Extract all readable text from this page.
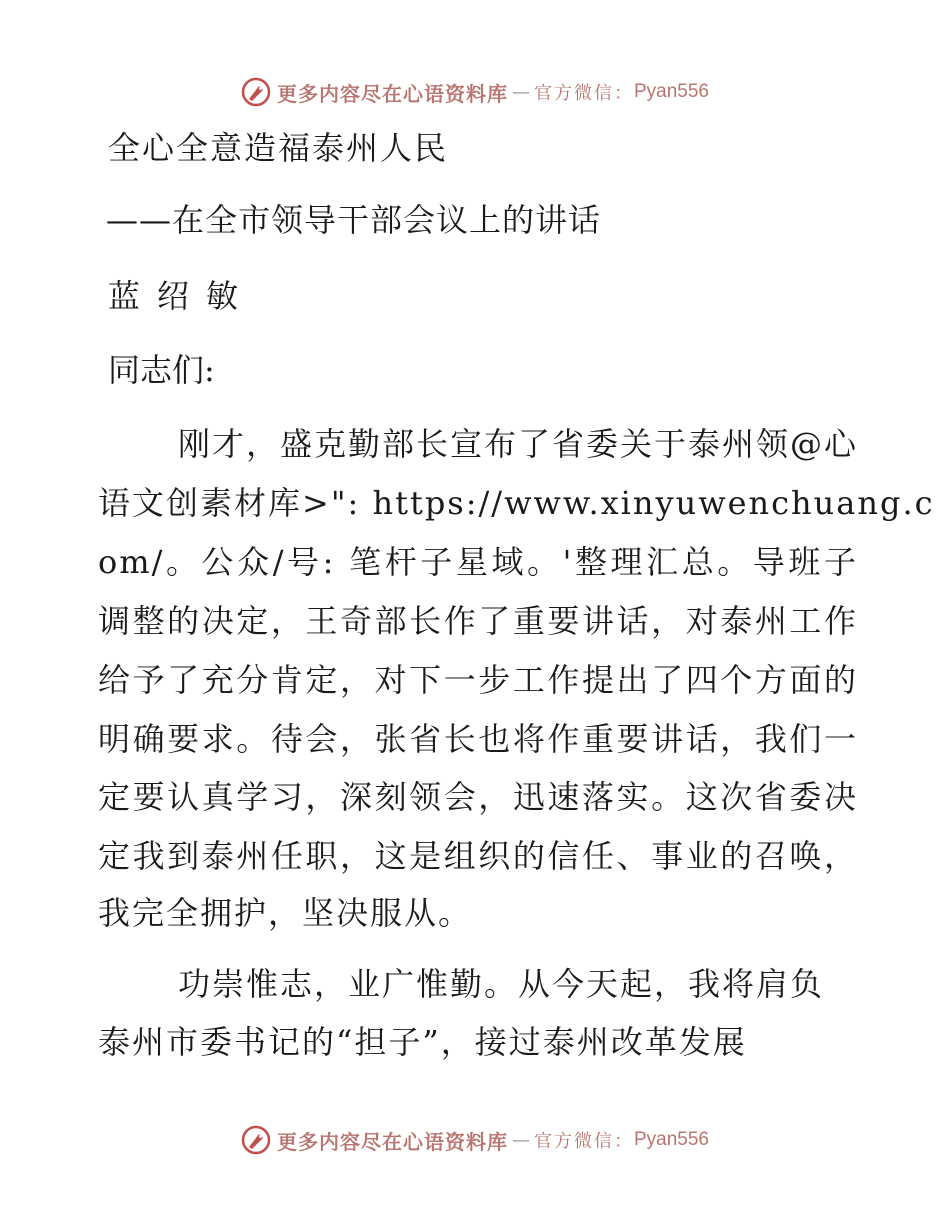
更多内容尽在心语资料库 — 官方微信： Pyan556
全心全意造福泰州人民
——在全市领导干部会议上的讲话
蓝绍敏
同志们:
刚才，盛克勤部长宣布了省委关于泰州领@心
语文创素材库>": https://www.xinyuwenchuang.c
om/。公众/号: 笔杆子星域。'整理汇总。导班子
调整的决定，王奇部长作了重要讲话，对泰州工作
给予了充分肯定，对下一步工作提出了四个方面的
明确要求。待会，张省长也将作重要讲话，我们一
定要认真学习，深刻领会，迅速落实。这次省委决
定我到泰州任职，这是组织的信任、事业的召唤，
我完全拥护，坚决服从。
功崇惟志，业广惟勤。从今天起，我将肩负
泰州市委书记的“担子”，接过泰州改革发展
更多内容尽在心语资料库 — 官方微信： Pyan556
